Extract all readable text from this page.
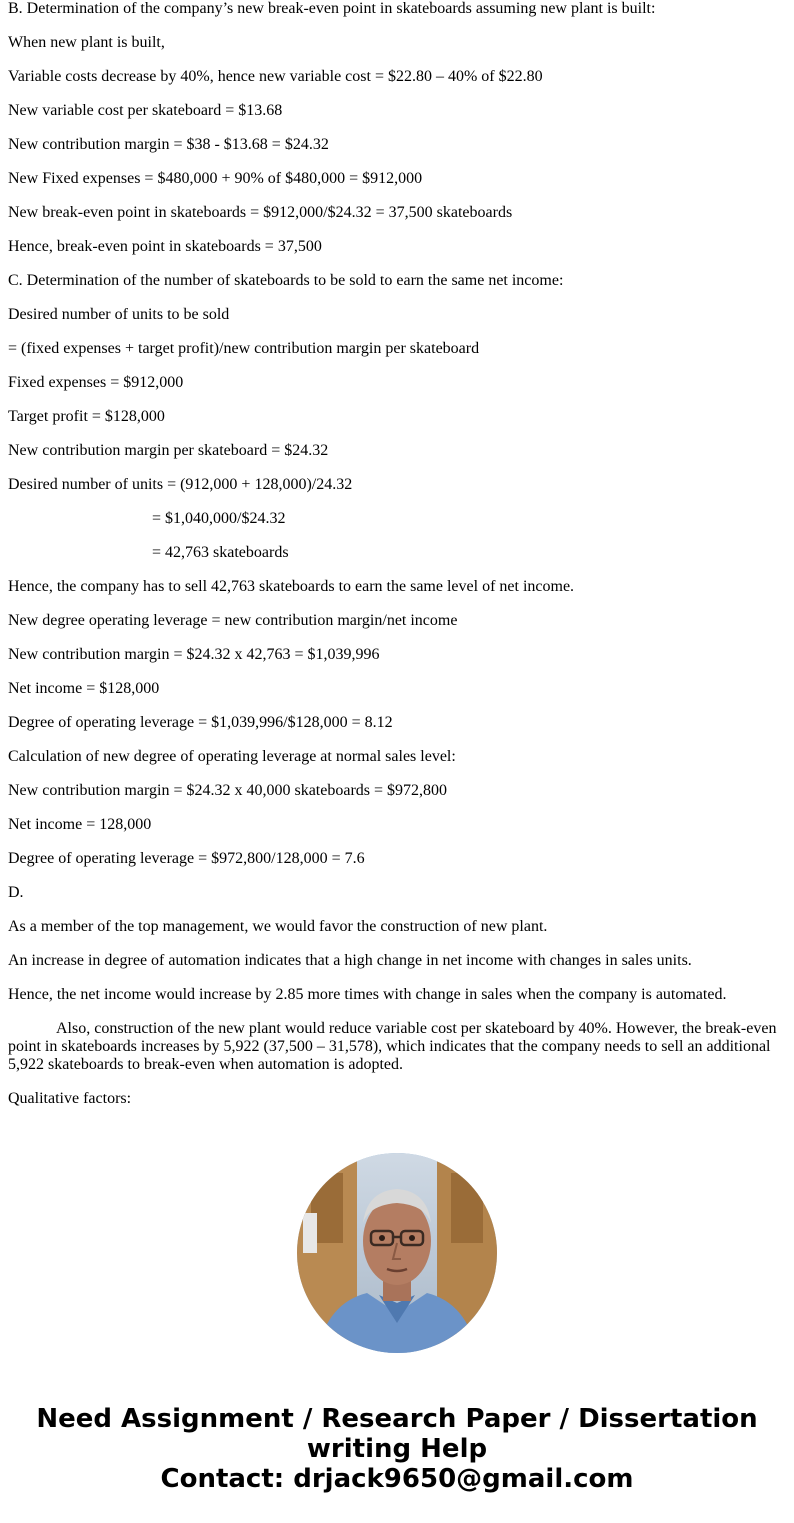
B. Determination of the company’s new break-even point in skateboards assuming new plant is built:

When new plant is built,

Variable costs decrease by 40%, hence new variable cost = $22.80 – 40% of $22.80

New variable cost per skateboard = $13.68

New contribution margin = $38 - $13.68 = $24.32

New Fixed expenses = $480,000 + 90% of $480,000 = $912,000

New break-even point in skateboards = $912,000/$24.32 = 37,500 skateboards

Hence, break-even point in skateboards = 37,500

C. Determination of the number of skateboards to be sold to earn the same net income:

Desired number of units to be sold

= (fixed expenses + target profit)/new contribution margin per skateboard

Fixed expenses = $912,000

Target profit = $128,000

New contribution margin per skateboard = $24.32

Desired number of units = (912,000 + 128,000)/24.32

= $1,040,000/$24.32

= 42,763 skateboards

Hence, the company has to sell 42,763 skateboards to earn the same level of net income.

New degree operating leverage = new contribution margin/net income

New contribution margin = $24.32 x 42,763 = $1,039,996

Net income = $128,000

Degree of operating leverage = $1,039,996/$128,000 = 8.12

Calculation of new degree of operating leverage at normal sales level:

New contribution margin = $24.32 x 40,000 skateboards = $972,800

Net income = 128,000

Degree of operating leverage = $972,800/128,000 = 7.6

D.

As a member of the top management, we would favor the construction of new plant.

An increase in degree of automation indicates that a high change in net income with changes in sales units.

Hence, the net income would increase by 2.85 more times with change in sales when the company is automated.

Also, construction of the new plant would reduce variable cost per skateboard by 40%. However, the break-even point in skateboards increases by 5,922 (37,500 – 31,578), which indicates that the company needs to sell an additional 5,922 skateboards to break-even when automation is adopted.

Qualitative factors:

Need Assignment / Research Paper / Dissertation
writing Help
Contact: drjack9650@gmail.com
